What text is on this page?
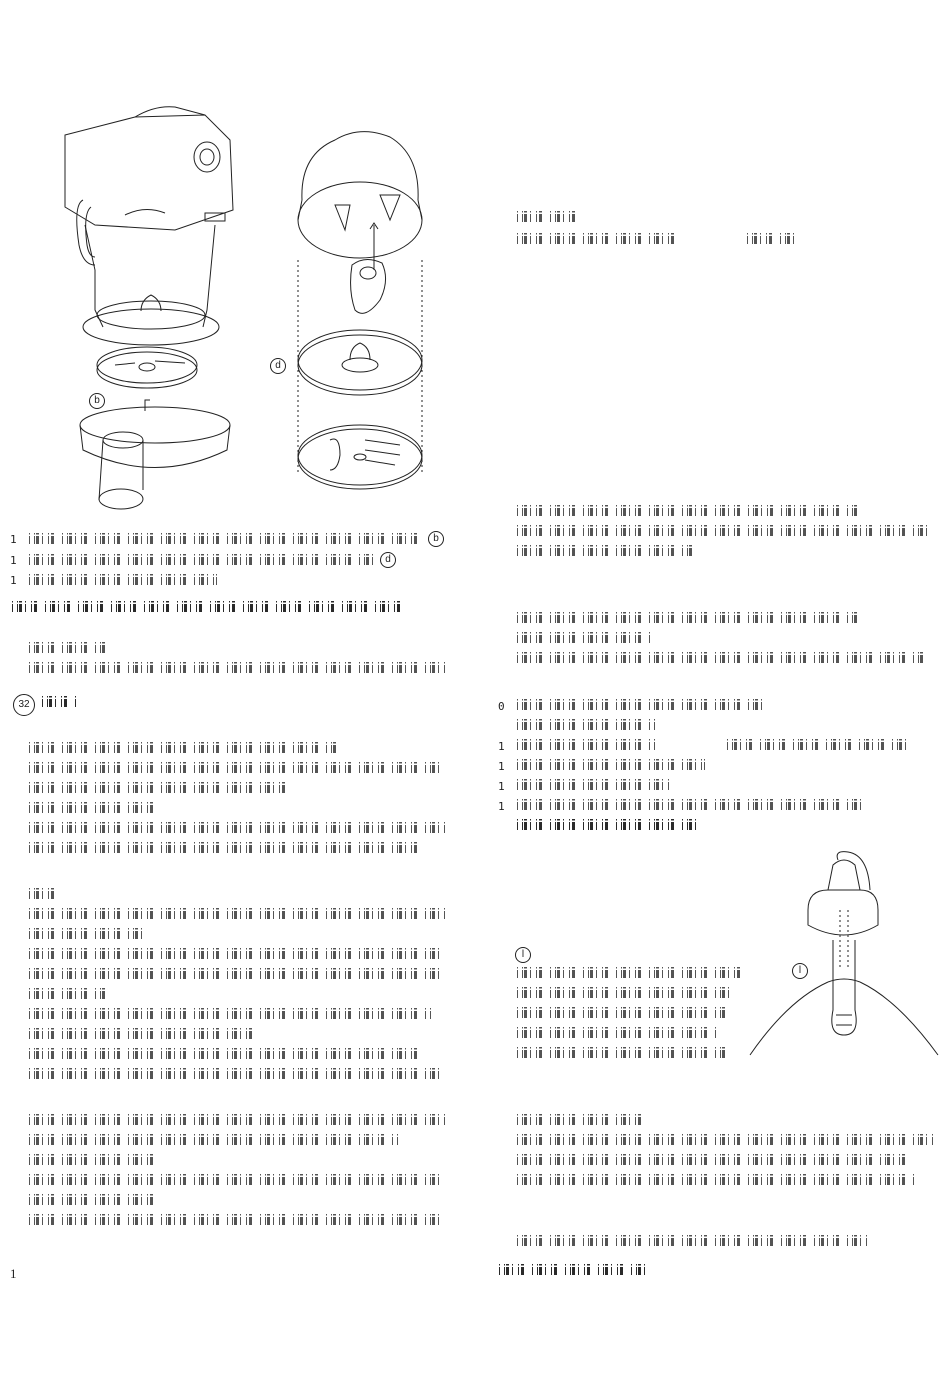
b
d
1	b
1	d
1
32
1
0
1
1
1
1
l
l
